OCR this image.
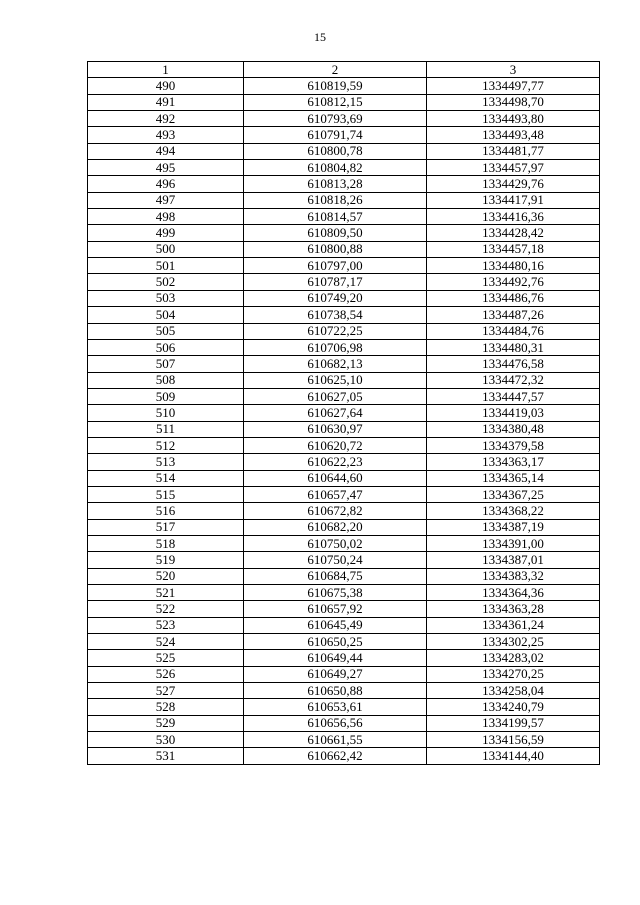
15
1	2	3
490	610819,59	1334497,77
491	610812,15	1334498,70
492	610793,69	1334493,80
493	610791,74	1334493,48
494	610800,78	1334481,77
495	610804,82	1334457,97
496	610813,28	1334429,76
497	610818,26	1334417,91
498	610814,57	1334416,36
499	610809,50	1334428,42
500	610800,88	1334457,18
501	610797,00	1334480,16
502	610787,17	1334492,76
503	610749,20	1334486,76
504	610738,54	1334487,26
505	610722,25	1334484,76
506	610706,98	1334480,31
507	610682,13	1334476,58
508	610625,10	1334472,32
509	610627,05	1334447,57
510	610627,64	1334419,03
511	610630,97	1334380,48
512	610620,72	1334379,58
513	610622,23	1334363,17
514	610644,60	1334365,14
515	610657,47	1334367,25
516	610672,82	1334368,22
517	610682,20	1334387,19
518	610750,02	1334391,00
519	610750,24	1334387,01
520	610684,75	1334383,32
521	610675,38	1334364,36
522	610657,92	1334363,28
523	610645,49	1334361,24
524	610650,25	1334302,25
525	610649,44	1334283,02
526	610649,27	1334270,25
527	610650,88	1334258,04
528	610653,61	1334240,79
529	610656,56	1334199,57
530	610661,55	1334156,59
531	610662,42	1334144,40
